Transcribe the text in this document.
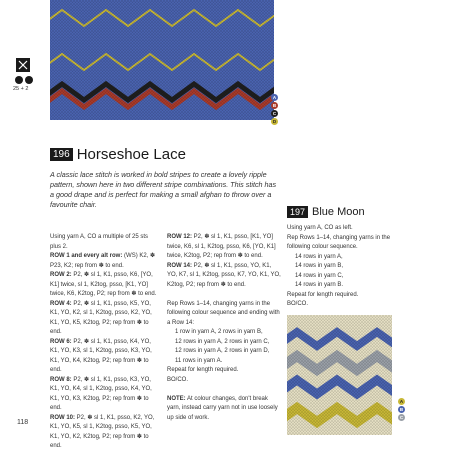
25 + 2
A
B
C
D
196 Horseshoe Lace
A classic lace stitch is worked in bold stripes to create a lovely ripple pattern, shown here in two different stripe combinations. This stitch has a good drape and is perfect for making a small afghan to throw over a favourite chair.
Using yarn A, CO a multiple of 25 sts plus 2.
ROW 1 and every alt row: (WS) K2, ✽ P23, K2; rep from ✽ to end.
ROW 2: P2, ✽ sl 1, K1, psso, K6, [YO, K1] twice, sl 1, K2tog, psso, [K1, YO] twice, K6, K2tog, P2; rep from ✽ to end.
ROW 4: P2, ✽ sl 1, K1, psso, K5, YO, K1, YO, K2, sl 1, K2tog, psso, K2, YO, K1, YO, K5, K2tog, P2; rep from ✽ to end.
ROW 6: P2, ✽ sl 1, K1, psso, K4, YO, K1, YO, K3, sl 1, K2tog, psso, K3, YO, K1, YO, K4, K2tog, P2; rep from ✽ to end.
ROW 8: P2, ✽ sl 1, K1, psso, K3, YO, K1, YO, K4, sl 1, K2tog, psso, K4, YO, K1, YO, K3, K2tog, P2; rep from ✽ to end.
ROW 10: P2, ✽ sl 1, K1, psso, K2, YO, K1, YO, K5, sl 1, K2tog, psso, K5, YO, K1, YO, K2, K2tog, P2; rep from ✽ to end.
ROW 12: P2, ✽ sl 1, K1, psso, [K1, YO] twice, K6, sl 1, K2tog, psso, K6, [YO, K1] twice, K2tog, P2; rep from ✽ to end.
ROW 14: P2, ✽ sl 1, K1, psso, YO, K1, YO, K7, sl 1, K2tog, psso, K7, YO, K1, YO, K2tog, P2; rep from ✽ to end.
Rep Rows 1–14, changing yarns in the following colour sequence and ending with a Row 14:
1 row in yarn A, 2 rows in yarn B,
12 rows in yarn A, 2 rows in yarn C,
12 rows in yarn A, 2 rows in yarn D,
11 rows in yarn A.
Repeat for length required.
BO/CO.
NOTE: At colour changes, don't break yarn, instead carry yarn not in use loosely up side of work.
197 Blue Moon
Using yarn A, CO as left.
Rep Rows 1–14, changing yarns in the following colour sequence.
14 rows in yarn A,
14 rows in yarn B,
14 rows in yarn C,
14 rows in yarn B.
Repeat for length required.
BO/CO.
A
B
C
118
